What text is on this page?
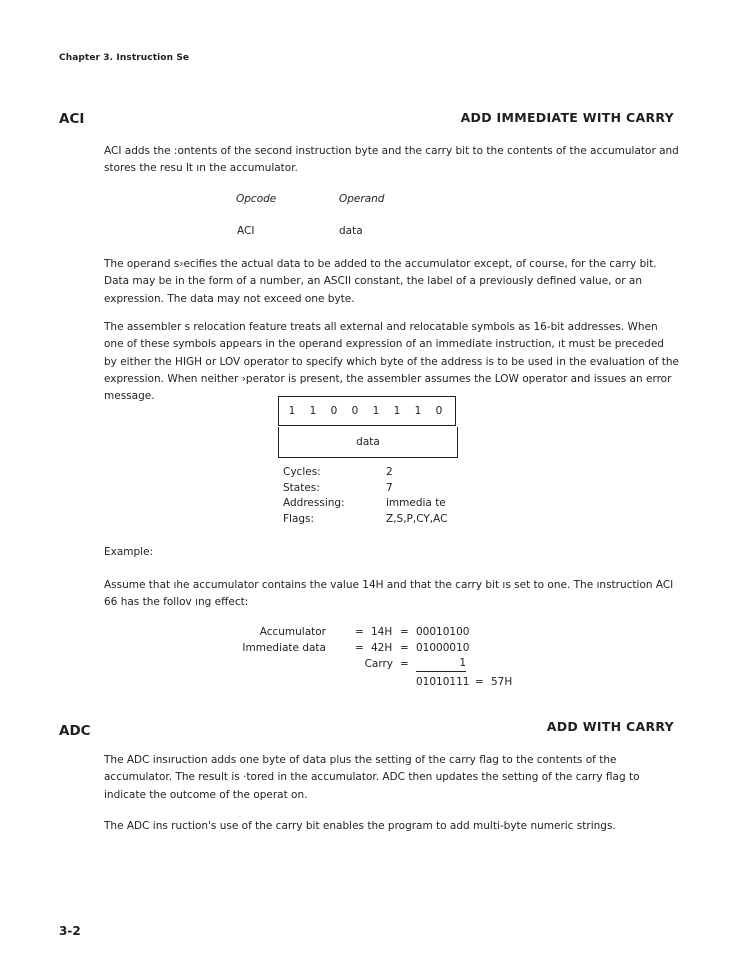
Chapter 3. Instruction Se
ACI	ADD IMMEDIATE WITH CARRY
ACI adds the :ontents of the second instruction byte and the carry bit to the contents of the accumulator and stores the resu lt ın the accumulator.
Opcode	Operand
ACI	data
The operand s›ecifies the actual data to be added to the accumulator except, of course, for the carry bit. Data may be in the form of a number, an ASCII constant, the label of a previously defined value, or an expression. The data may not exceed one byte.
The assembler s relocation feature treats all external and relocatable symbols as 16-bit addresses. When one of these symbols appears in the operand expression of an immediate instruction, ıt must be preceded by either the HIGH or LOV operator to specify which byte of the address is to be used in the evaluation of the expression. When neither ›perator is present, the assembler assumes the LOW operator and issues an error message.
1	1	0	0	1	1	1	0
data
Cycles:	2
States:	7
Addressing:	immedia te
Flags:	Z,S,P,CY,AC
Example:
Assume that ıhe accumulator contains the value 14H and that the carry bit ıs set to one. The ınstruction ACI 66 has the follov ıng effect:
Accumulator	= 14H = 00010100
Immediate data	= 42H = 01000010
Carry =	1
01010111 = 57H
ADC	ADD WITH CARRY
The ADC insıruction adds one byte of data plus the setting of the carry flag to the contents of the accumulator. The result is ·tored in the accumulator. ADC then updates the settıng of the carry flag to indicate the outcome of the operat on.
The ADC ins ruction's use of the carry bit enables the program to add multi-byte numeric strings.
3-2
